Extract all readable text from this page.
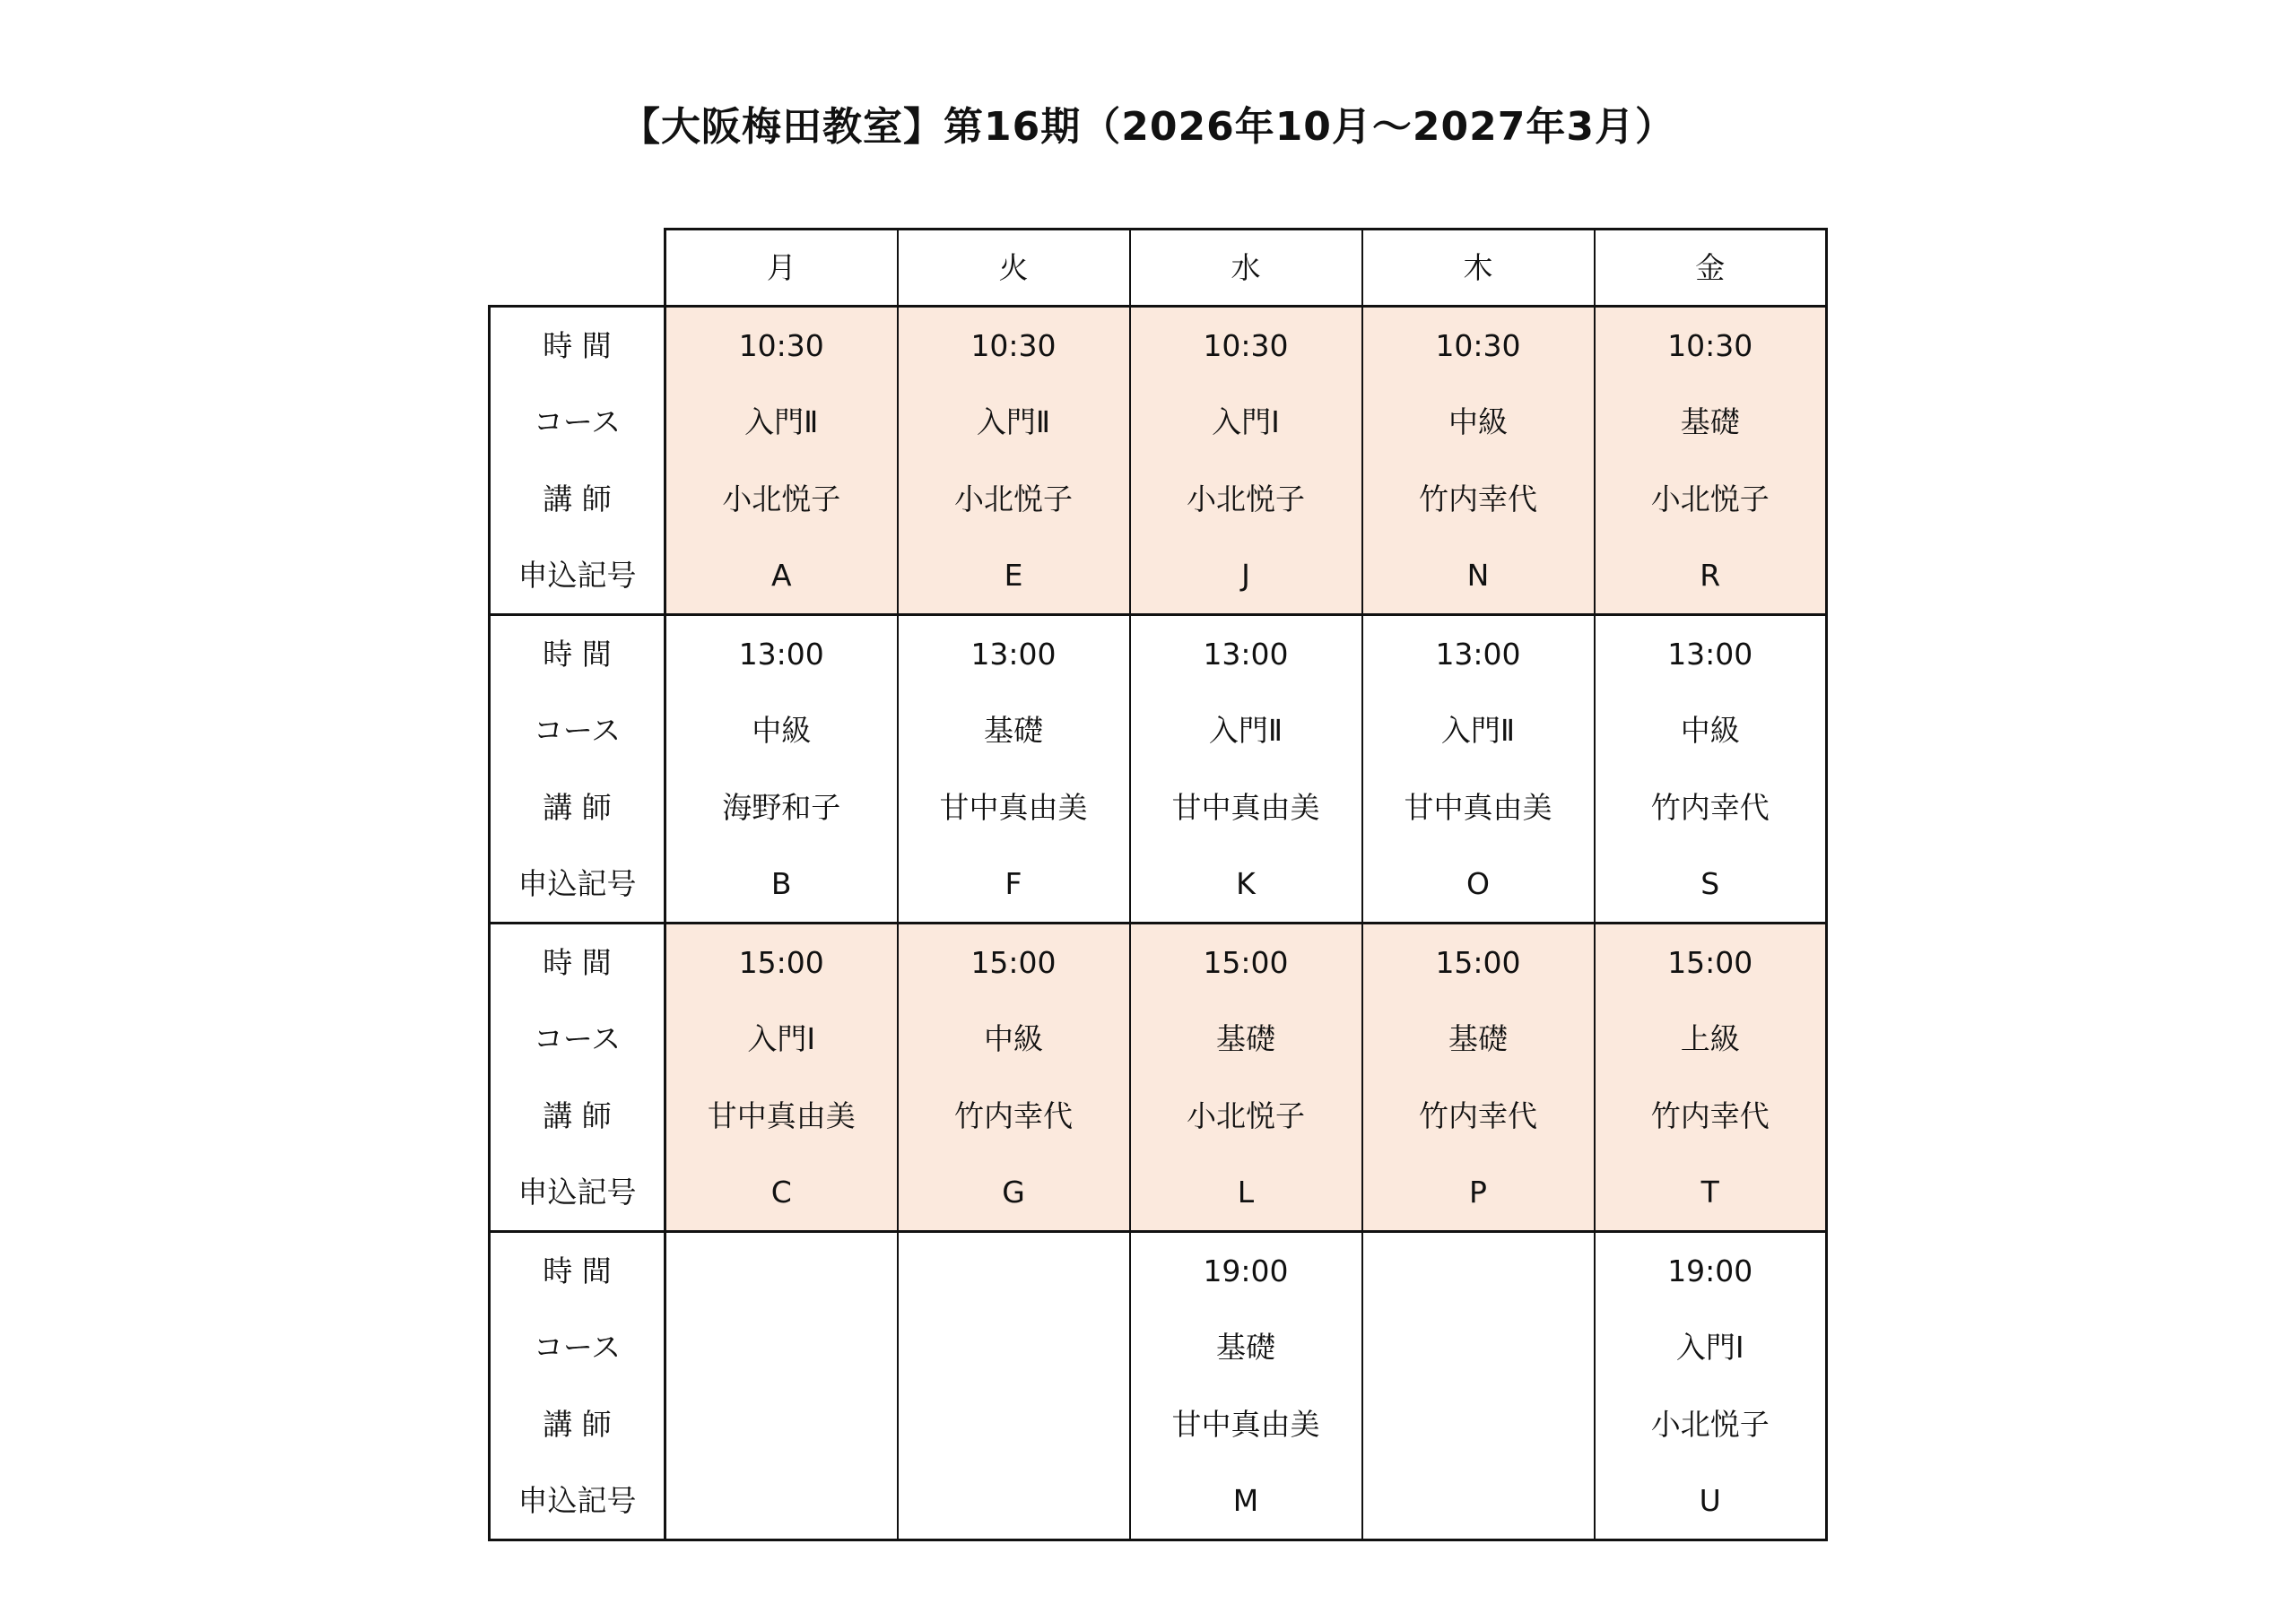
【大阪梅田教室】第16期（2026年10月～2027年3月）
	月	火	水	木	金
時 間	10:30	10:30	10:30	10:30	10:30
コース	入門Ⅱ	入門Ⅱ	入門Ⅰ	中級	基礎
講 師	小北悦子	小北悦子	小北悦子	竹内幸代	小北悦子
申込記号	A	E	J	N	R
時 間	13:00	13:00	13:00	13:00	13:00
コース	中級	基礎	入門Ⅱ	入門Ⅱ	中級
講 師	海野和子	甘中真由美	甘中真由美	甘中真由美	竹内幸代
申込記号	B	F	K	O	S
時 間	15:00	15:00	15:00	15:00	15:00
コース	入門Ⅰ	中級	基礎	基礎	上級
講 師	甘中真由美	竹内幸代	小北悦子	竹内幸代	竹内幸代
申込記号	C	G	L	P	T
時 間			19:00		19:00
コース			基礎		入門Ⅰ
講 師			甘中真由美		小北悦子
申込記号			M		U
